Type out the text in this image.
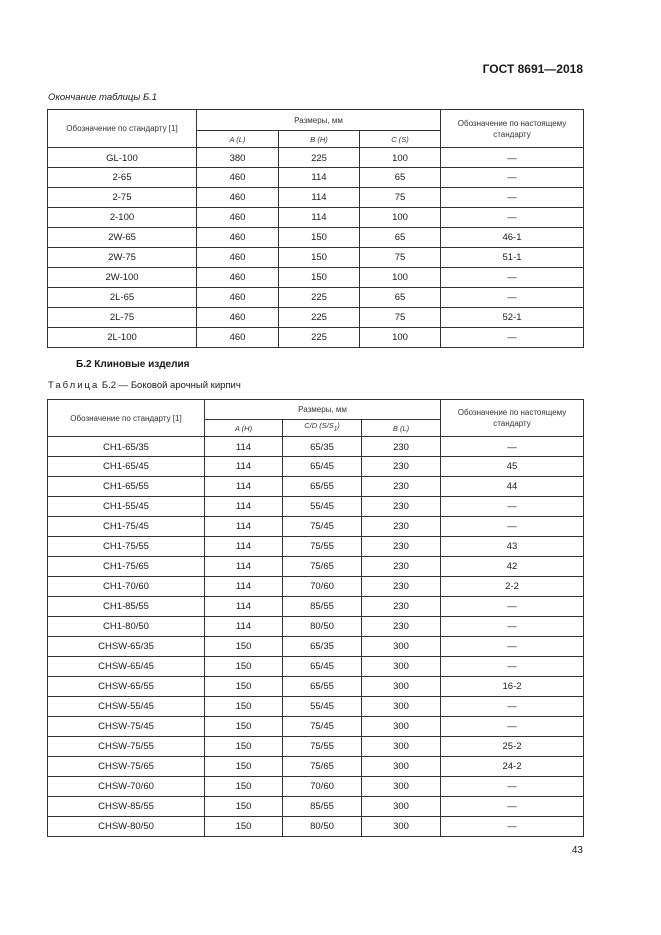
ГОСТ 8691—2018
Окончание таблицы Б.1
Обозначение по стандарту [1]	Размеры, мм			Обозначение по настоящему стандарту
	A (L)	B (H)	C (S)	
GL-100	380	225	100	—
2-65	460	114	65	—
2-75	460	114	75	—
2-100	460	114	100	—
2W-65	460	150	65	46-1
2W-75	460	150	75	51-1
2W-100	460	150	100	—
2L-65	460	225	65	—
2L-75	460	225	75	52-1
2L-100	460	225	100	—
Б.2 Клиновые изделия
Таблица Б.2 — Боковой арочный кирпич
Обозначение по стандарту [1]	Размеры, мм			Обозначение по настоящему стандарту
	A (H)	C/D $(S/S_1)$	B (L)	
CH1-65/35	114	65/35	230	—
CH1-65/45	114	65/45	230	45
CH1-65/55	114	65/55	230	44
CH1-55/45	114	55/45	230	—
CH1-75/45	114	75/45	230	—
CH1-75/55	114	75/55	230	43
CH1-75/65	114	75/65	230	42
CH1-70/60	114	70/60	230	2-2
CH1-85/55	114	85/55	230	—
CH1-80/50	114	80/50	230	—
CHSW-65/35	150	65/35	300	—
CHSW-65/45	150	65/45	300	—
CHSW-65/55	150	65/55	300	16-2
CHSW-55/45	150	55/45	300	—
CHSW-75/45	150	75/45	300	—
CHSW-75/55	150	75/55	300	25-2
CHSW-75/65	150	75/65	300	24-2
CHSW-70/60	150	70/60	300	—
CHSW-85/55	150	85/55	300	—
CHSW-80/50	150	80/50	300	—
43
